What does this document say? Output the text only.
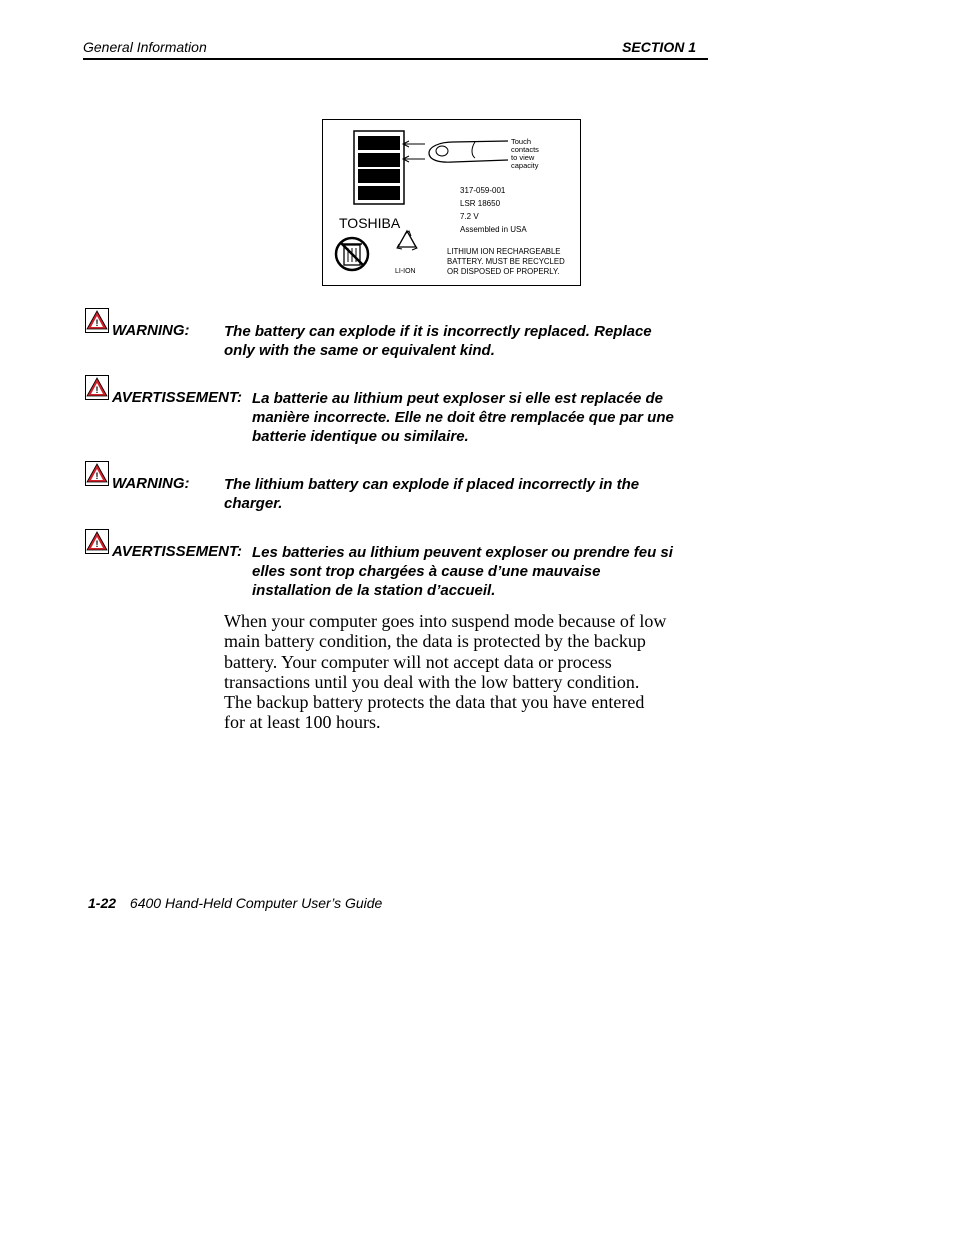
General Information	SECTION 1
Touch contacts to view capacity
317-059-001
LSR 18650
7.2 V
Assembled in USA
TOSHIBA
LI-ION
LITHIUM ION RECHARGEABLE BATTERY. MUST BE RECYCLED OR DISPOSED OF PROPERLY.
! WARNING: The battery can explode if it is incorrectly replaced. Replace
only with the same or equivalent kind.
! AVERTISSEMENT: La batterie au lithium peut exploser si elle est replacée de
manière incorrecte. Elle ne doit être remplacée que par une
batterie identique ou similaire.
! WARNING: The lithium battery can explode if placed incorrectly in the
charger.
! AVERTISSEMENT: Les batteries au lithium peuvent exploser ou prendre feu si
elles sont trop chargées à cause d’une mauvaise
installation de la station d’accueil.
When your computer goes into suspend mode because of low
main battery condition, the data is protected by the backup
battery. Your computer will not accept data or process
transactions until you deal with the low battery condition.
The backup battery protects the data that you have entered
for at least 100 hours.
1-22 6400 Hand-Held Computer User’s Guide
